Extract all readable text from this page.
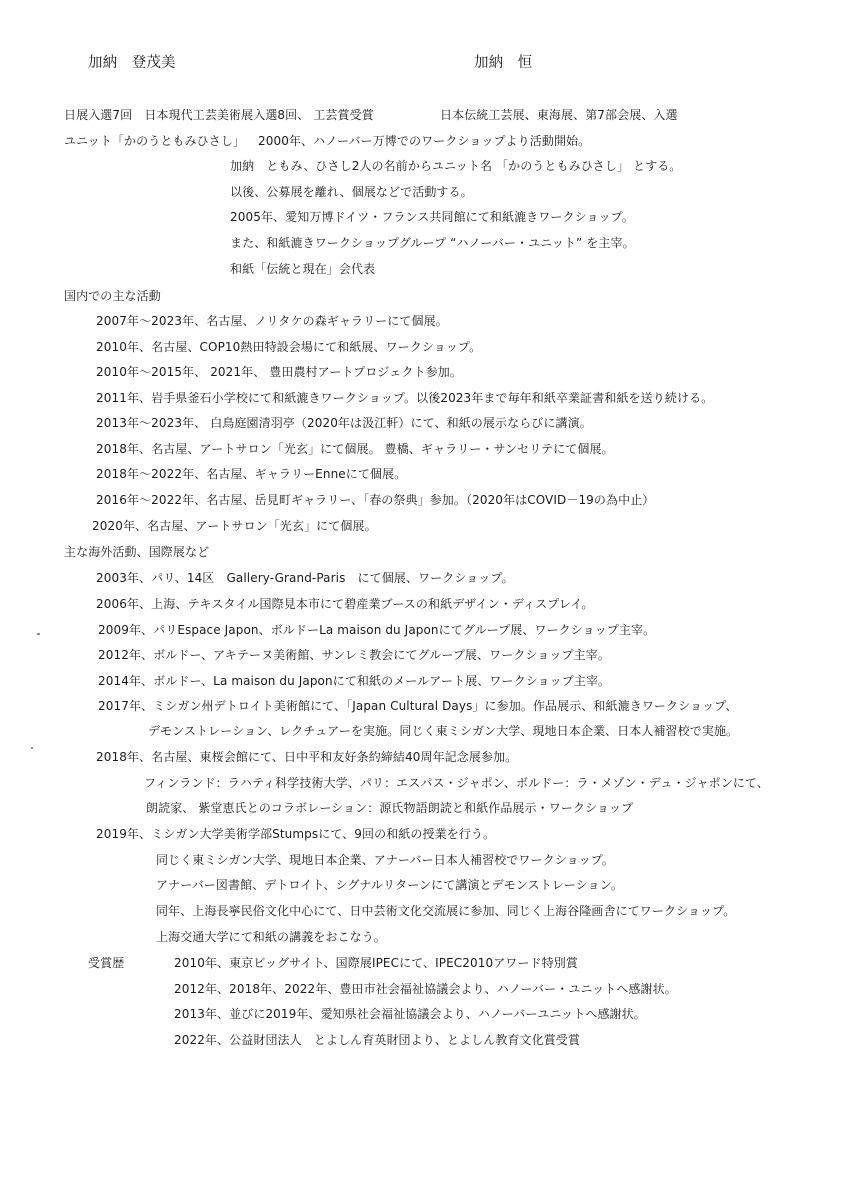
加納　登茂美	加納　恒
日展入選7回　日本現代工芸美術展入選8回、 工芸賞受賞	日本伝統工芸展、東海展、第7部会展、入選
ユニット「かのうともみひさし」 2000年、ハノーバー万博でのワークショップより活動開始。
加納　ともみ、ひさし2人の名前からユニット名 「かのうともみひさし」 とする。
以後、公募展を離れ、個展などで活動する。
2005年、愛知万博ドイツ・フランス共同館にて和紙漉きワークショップ。
また、和紙漉きワークショップグループ “ハノーバー・ユニット” を主宰。
和紙「伝統と現在」会代表
国内での主な活動
2007年～2023年、名古屋、ノリタケの森ギャラリーにて個展。
2010年、名古屋、COP10熱田特設会場にて和紙展、ワークショップ。
2010年～2015年、 2021年、 豊田農村アートプロジェクト参加。
2011年、岩手県釜石小学校にて和紙漉きワークショップ。以後2023年まで毎年和紙卒業証書和紙を送り続ける。
2013年～2023年、 白鳥庭園清羽亭（2020年は汲江軒）にて、和紙の展示ならびに講演。
2018年、名古屋、アートサロン「光玄」にて個展。 豊橋、ギャラリー・サンセリテにて個展。
2018年～2022年、名古屋、ギャラリーEnneにて個展。
2016年～2022年、名古屋、岳見町ギャラリー、「春の祭典」参加。（2020年はCOVID－19の為中止）
2020年、名古屋、アートサロン「光玄」にて個展。
主な海外活動、国際展など
2003年、パリ、14区　Gallery-Grand-Paris　にて個展、ワークショップ。
2006年、上海、テキスタイル国際見本市にて碧産業ブースの和紙デザイン・ディスプレイ。
2009年、パリEspace Japon、ボルドーLa maison du Japonにてグループ展、ワークショップ主宰。
2012年、ボルドー、アキテーヌ美術館、サンレミ教会にてグループ展、ワークショップ主宰。
2014年、ボルドー、La maison du Japonにて和紙のメールアート展、ワークショップ主宰。
2017年、ミシガン州デトロイト美術館にて、「Japan Cultural Days」に参加。作品展示、和紙漉きワークショップ、
デモンストレーション、レクチュアーを実施。同じく東ミシガン大学、現地日本企業、日本人補習校で実施。
2018年、名古屋、東桜会館にて、日中平和友好条約締結40周年記念展参加。
フィンランド：ラハティ科学技術大学、パリ：エスパス・ジャポン、ボルドー：ラ・メゾン・デュ・ジャポンにて、
朗読家、 紫堂恵氏とのコラボレーション：源氏物語朗読と和紙作品展示・ワークショップ
2019年、ミシガン大学美術学部Stumpsにて、9回の和紙の授業を行う。
同じく東ミシガン大学、現地日本企業、アナーバー日本人補習校でワークショップ。
アナーバー図書館、デトロイト、シグナルリターンにて講演とデモンストレーション。
同年、上海長寧民俗文化中心にて、日中芸術文化交流展に参加、同じく上海谷隆画舎にてワークショップ。
上海交通大学にて和紙の講義をおこなう。
受賞歴	2010年、東京ビッグサイト、国際展IPECにて、IPEC2010アワード特別賞
2012年、2018年、2022年、豊田市社会福祉協議会より、ハノーバー・ユニットへ感謝状。
2013年、並びに2019年、愛知県社会福祉協議会より、ハノーバーユニットへ感謝状。
2022年、公益財団法人　とよしん育英財団より、とよしん教育文化賞受賞
